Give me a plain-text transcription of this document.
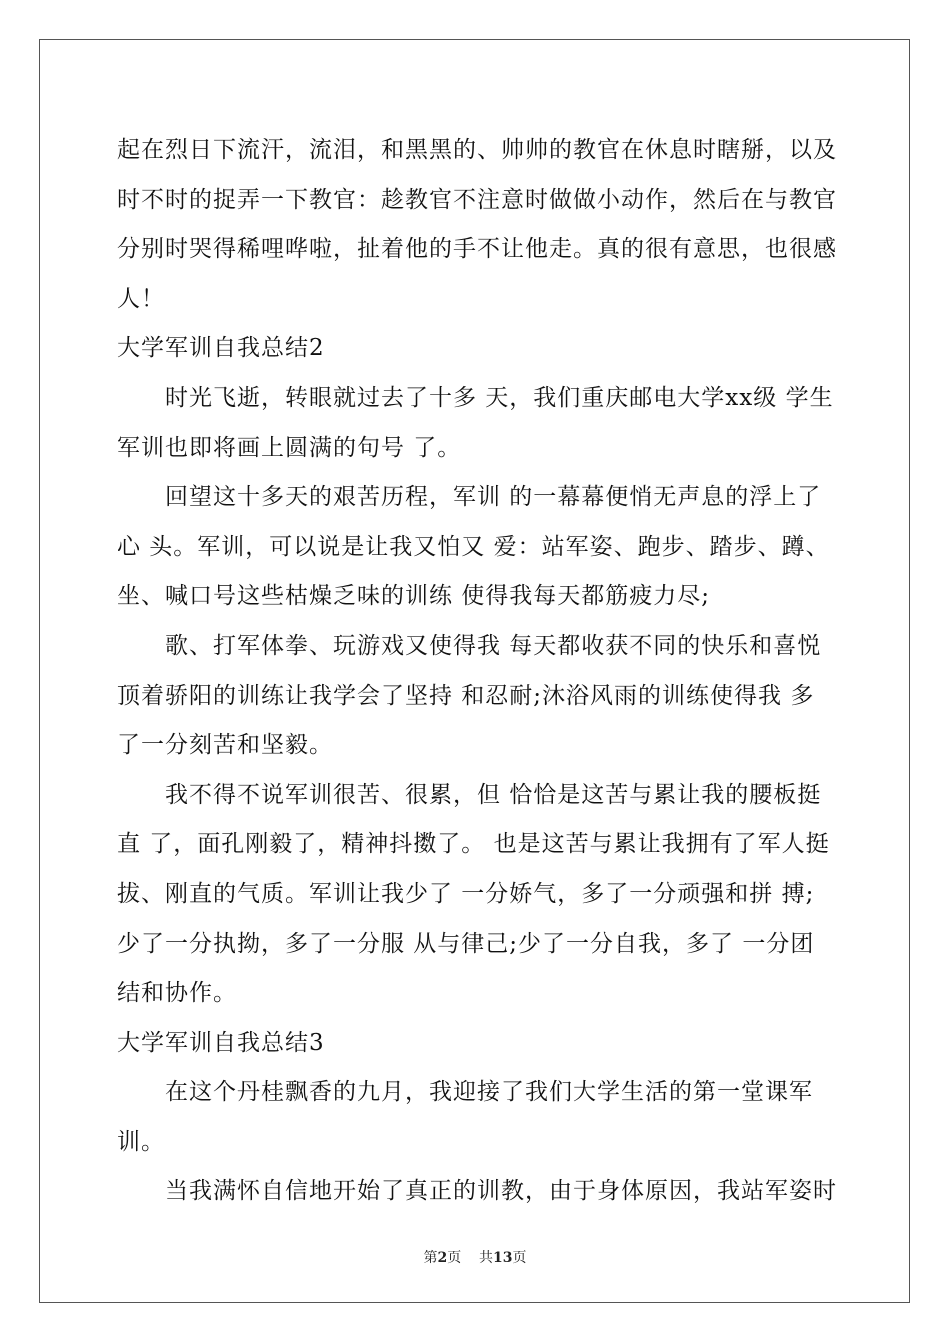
起在烈日下流汗，流泪，和黑黑的、帅帅的教官在休息时瞎掰，以及时不时的捉弄一下教官：趁教官不注意时做做小动作，然后在与教官分别时哭得稀哩哗啦，扯着他的手不让他走。真的很有意思，也很感人！

大学军训自我总结2

时光飞逝，转眼就过去了十多 天，我们重庆邮电大学xx级 学生军训也即将画上圆满的句号 了。

回望这十多天的艰苦历程，军训 的一幕幕便悄无声息的浮上了心 头。军训，可以说是让我又怕又 爱：站军姿、跑步、踏步、蹲、坐、喊口号这些枯燥乏味的训练 使得我每天都筋疲力尽;

歌、打军体拳、玩游戏又使得我 每天都收获不同的快乐和喜悦 顶着骄阳的训练让我学会了坚持 和忍耐;沐浴风雨的训练使得我 多了一分刻苦和坚毅。

我不得不说军训很苦、很累，但 恰恰是这苦与累让我的腰板挺直 了，面孔刚毅了，精神抖擞了。 也是这苦与累让我拥有了军人挺拔、刚直的气质。军训让我少了 一分娇气，多了一分顽强和拼 搏;少了一分执拗，多了一分服 从与律己;少了一分自我，多了 一分团结和协作。

大学军训自我总结3

在这个丹桂飘香的九月，我迎接了我们大学生活的第一堂课军训。

当我满怀自信地开始了真正的训教，由于身体原因，我站军姿时

第2页 共13页
